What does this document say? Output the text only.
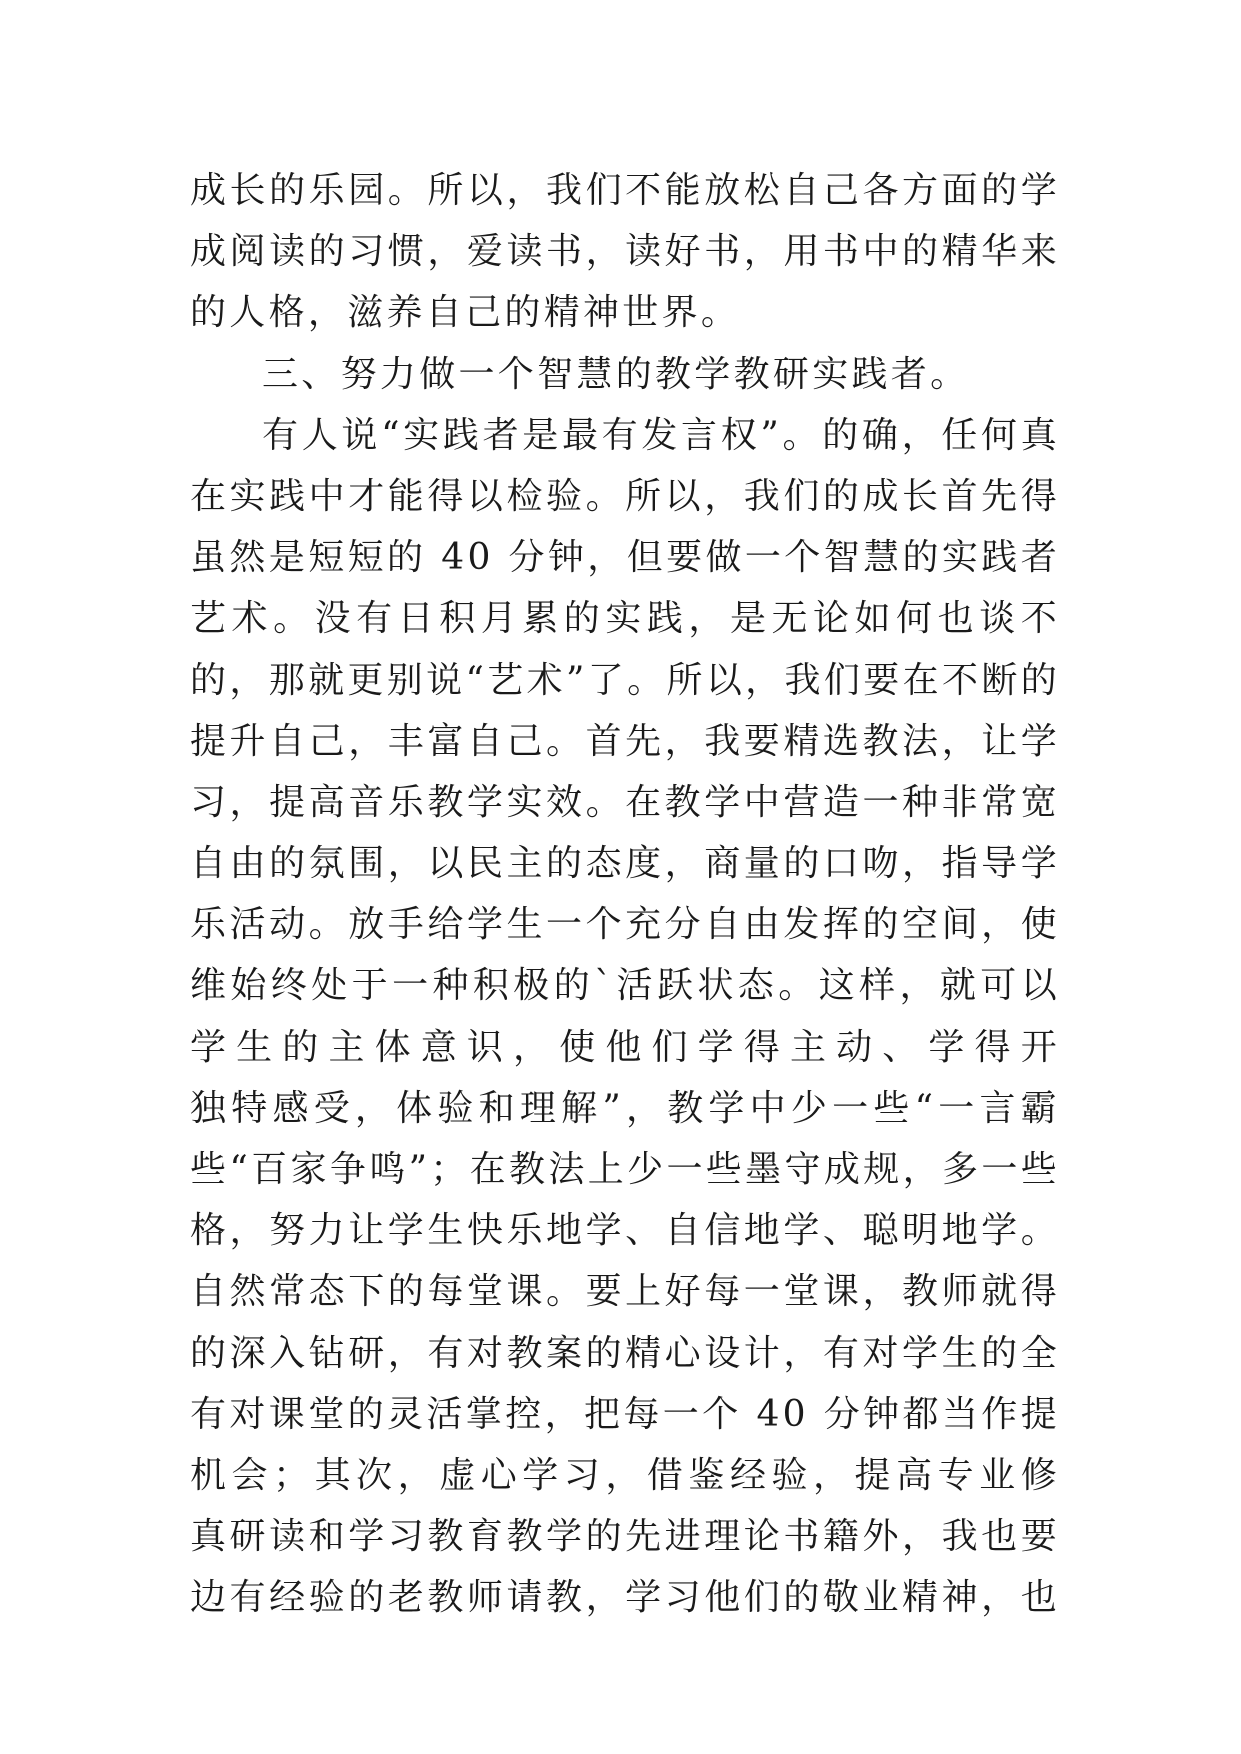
成长的乐园。所以，我们不能放松自己各方面的学
成阅读的习惯，爱读书，读好书，用书中的精华来
的人格，滋养自己的精神世界。
三、努力做一个智慧的教学教研实践者。
有人说“实践者是最有发言权”。的确，任何真
在实践中才能得以检验。所以，我们的成长首先得
虽然是短短的 40 分钟，但要做一个智慧的实践者
艺术。没有日积月累的实践，是无论如何也谈不
的，那就更别说“艺术”了。所以，我们要在不断的
提升自己，丰富自己。首先，我要精选教法，让学
习，提高音乐教学实效。在教学中营造一种非常宽
自由的氛围，以民主的态度，商量的口吻，指导学
乐活动。放手给学生一个充分自由发挥的空间，使
维始终处于一种积极的`活跃状态。这样，就可以
学生的主体意识，使他们学得主动、学得开
独特感受，体验和理解”，教学中少一些“一言霸
些“百家争鸣”；在教法上少一些墨守成规，多一些
格，努力让学生快乐地学、自信地学、聪明地学。
自然常态下的每堂课。要上好每一堂课，教师就得
的深入钻研，有对教案的精心设计，有对学生的全
有对课堂的灵活掌控，把每一个 40 分钟都当作提
机会；其次，虚心学习，借鉴经验，提高专业修
真研读和学习教育教学的先进理论书籍外，我也要
边有经验的老教师请教，学习他们的敬业精神，也
